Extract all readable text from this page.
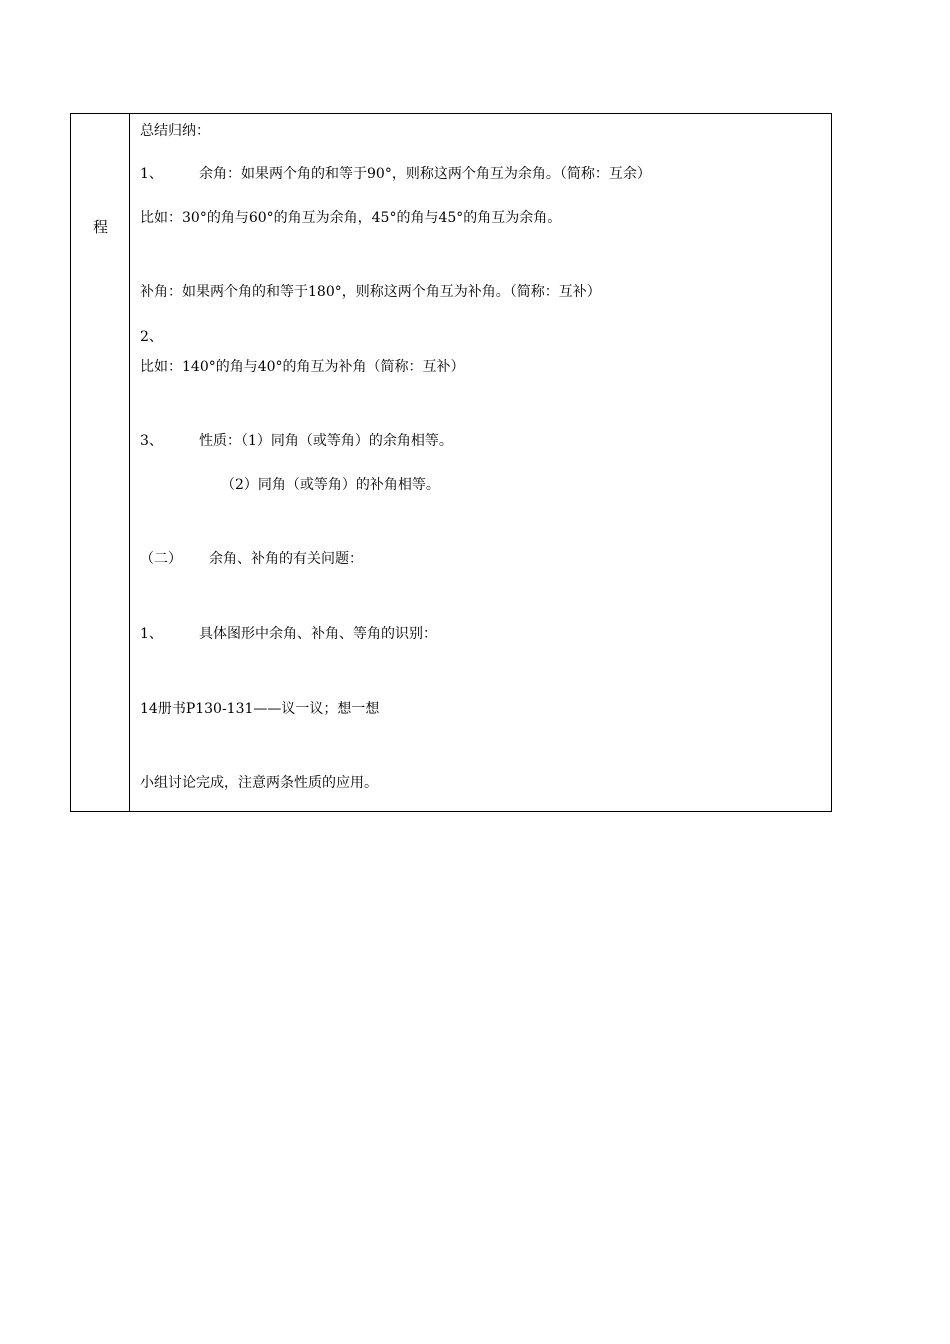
程
总结归纳：
1、	余角：如果两个角的和等于90°，则称这两个角互为余角。（简称：互余）
比如：30°的角与60°的角互为余角，45°的角与45°的角互为余角。
补角：如果两个角的和等于180°，则称这两个角互为补角。（简称：互补）
2、
比如：140°的角与40°的角互为补角（简称：互补）
3、	性质：（1）同角（或等角）的余角相等。
（2）同角（或等角）的补角相等。
（二） 余角、补角的有关问题：
1、	具体图形中余角、补角、等角的识别：
14册书P130-131——议一议；想一想
小组讨论完成，注意两条性质的应用。
